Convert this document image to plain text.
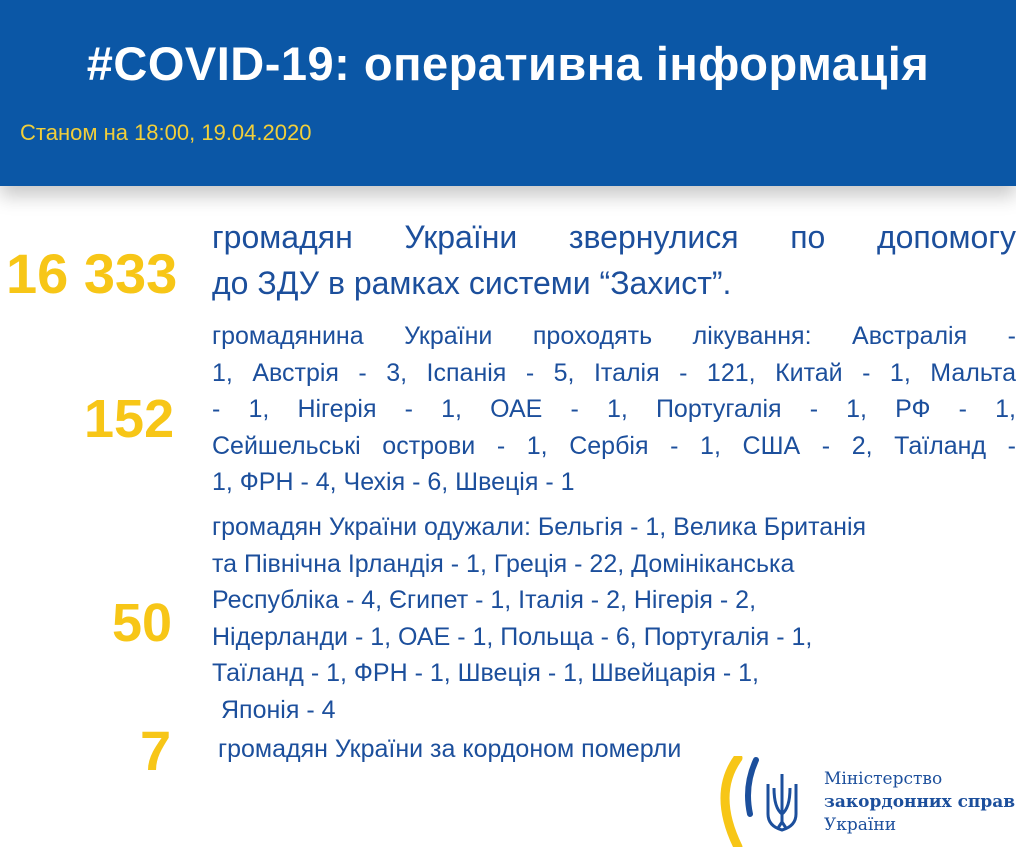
#COVID-19: оперативна інформація
Станом на 18:00, 19.04.2020
16 333
громадян України звернулися по допомогу
до ЗДУ в рамках системи “Захист”.
152
громадянина України проходять лікування: Австралія -
1, Австрія - 3, Іспанія - 5, Італія - 121, Китай - 1, Мальта
- 1, Нігерія - 1, ОАЕ - 1, Португалія - 1, РФ - 1,
Сейшельські острови - 1, Сербія - 1, США - 2, Таїланд -
1, ФРН - 4, Чехія - 6, Швеція - 1
50
громадян України одужали: Бельгія - 1, Велика Британія
та Північна Ірландія - 1, Греція - 22, Домініканська
Республіка - 4, Єгипет - 1, Італія - 2, Нігерія - 2,
Нідерланди - 1, ОАЕ - 1, Польща - 6, Португалія - 1,
Таїланд - 1, ФРН - 1, Швеція - 1, Швейцарія - 1,
Японія - 4
7 громадян України за кордоном померли
Міністерство
закордонних справ
України
